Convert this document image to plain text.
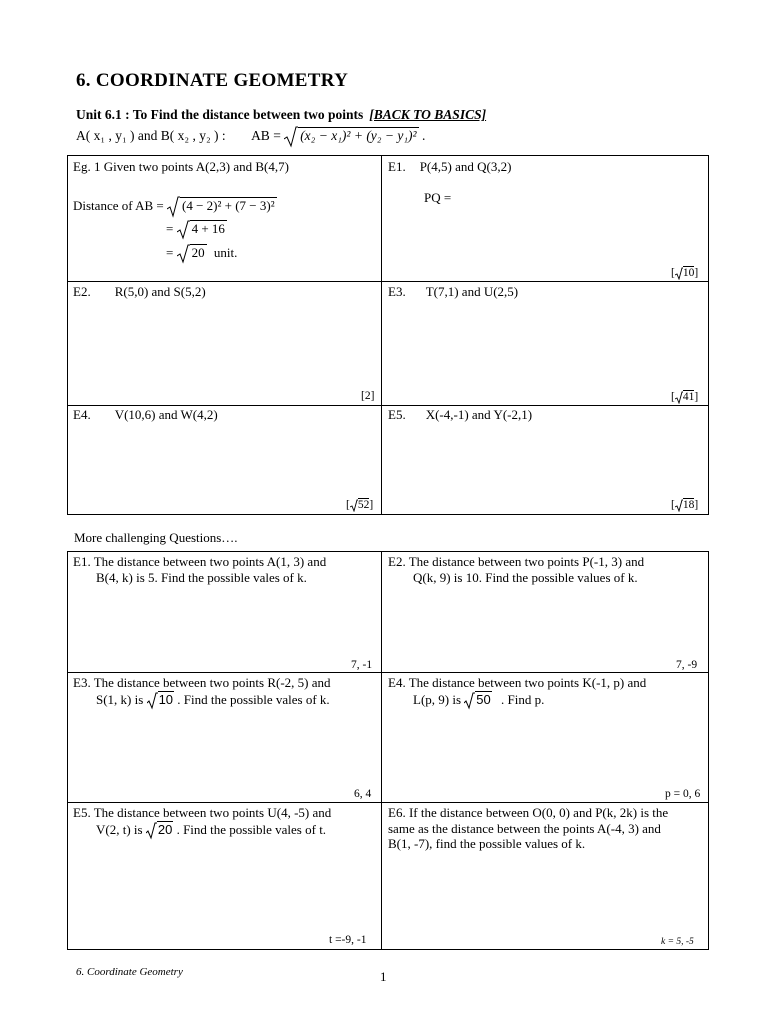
6. COORDINATE GEOMETRY
Unit 6.1 : To Find the distance between two points [BACK TO BASICS]
A( x₁ , y₁ ) and B( x₂ , y₂ ) : AB = (x₂ − x₁)² + (y₂ − y₁)² .
Eg. 1 Given two points A(2,3) and B(4,7)
Distance of AB = (4 − 2)² + (7 − 3)²
= 4 + 16
= 20 unit.
E1. P(4,5) and Q(3,2)
PQ =
[ 10]
E2. R(5,0) and S(5,2)
[2]
E3. T(7,1) and U(2,5)
[ 41]
E4. V(10,6) and W(4,2)
[ 52]
E5. X(-4,-1) and Y(-2,1)
[ 18]
More challenging Questions….
E1. The distance between two points A(1, 3) and
B(4, k) is 5. Find the possible vales of k.
7, -1
E2. The distance between two points P(-1, 3) and
Q(k, 9) is 10. Find the possible values of k.
7, -9
E3. The distance between two points R(-2, 5) and
S(1, k) is 10 . Find the possible vales of k.
6, 4
E4. The distance between two points K(-1, p) and
L(p, 9) is 50 . Find p.
p = 0, 6
E5. The distance between two points U(4, -5) and
V(2, t) is 20 . Find the possible vales of t.
t =-9, -1
E6. If the distance between O(0, 0) and P(k, 2k) is the
same as the distance between the points A(-4, 3) and
B(1, -7), find the possible values of k.
k = 5, -5
6. Coordinate Geometry	1
